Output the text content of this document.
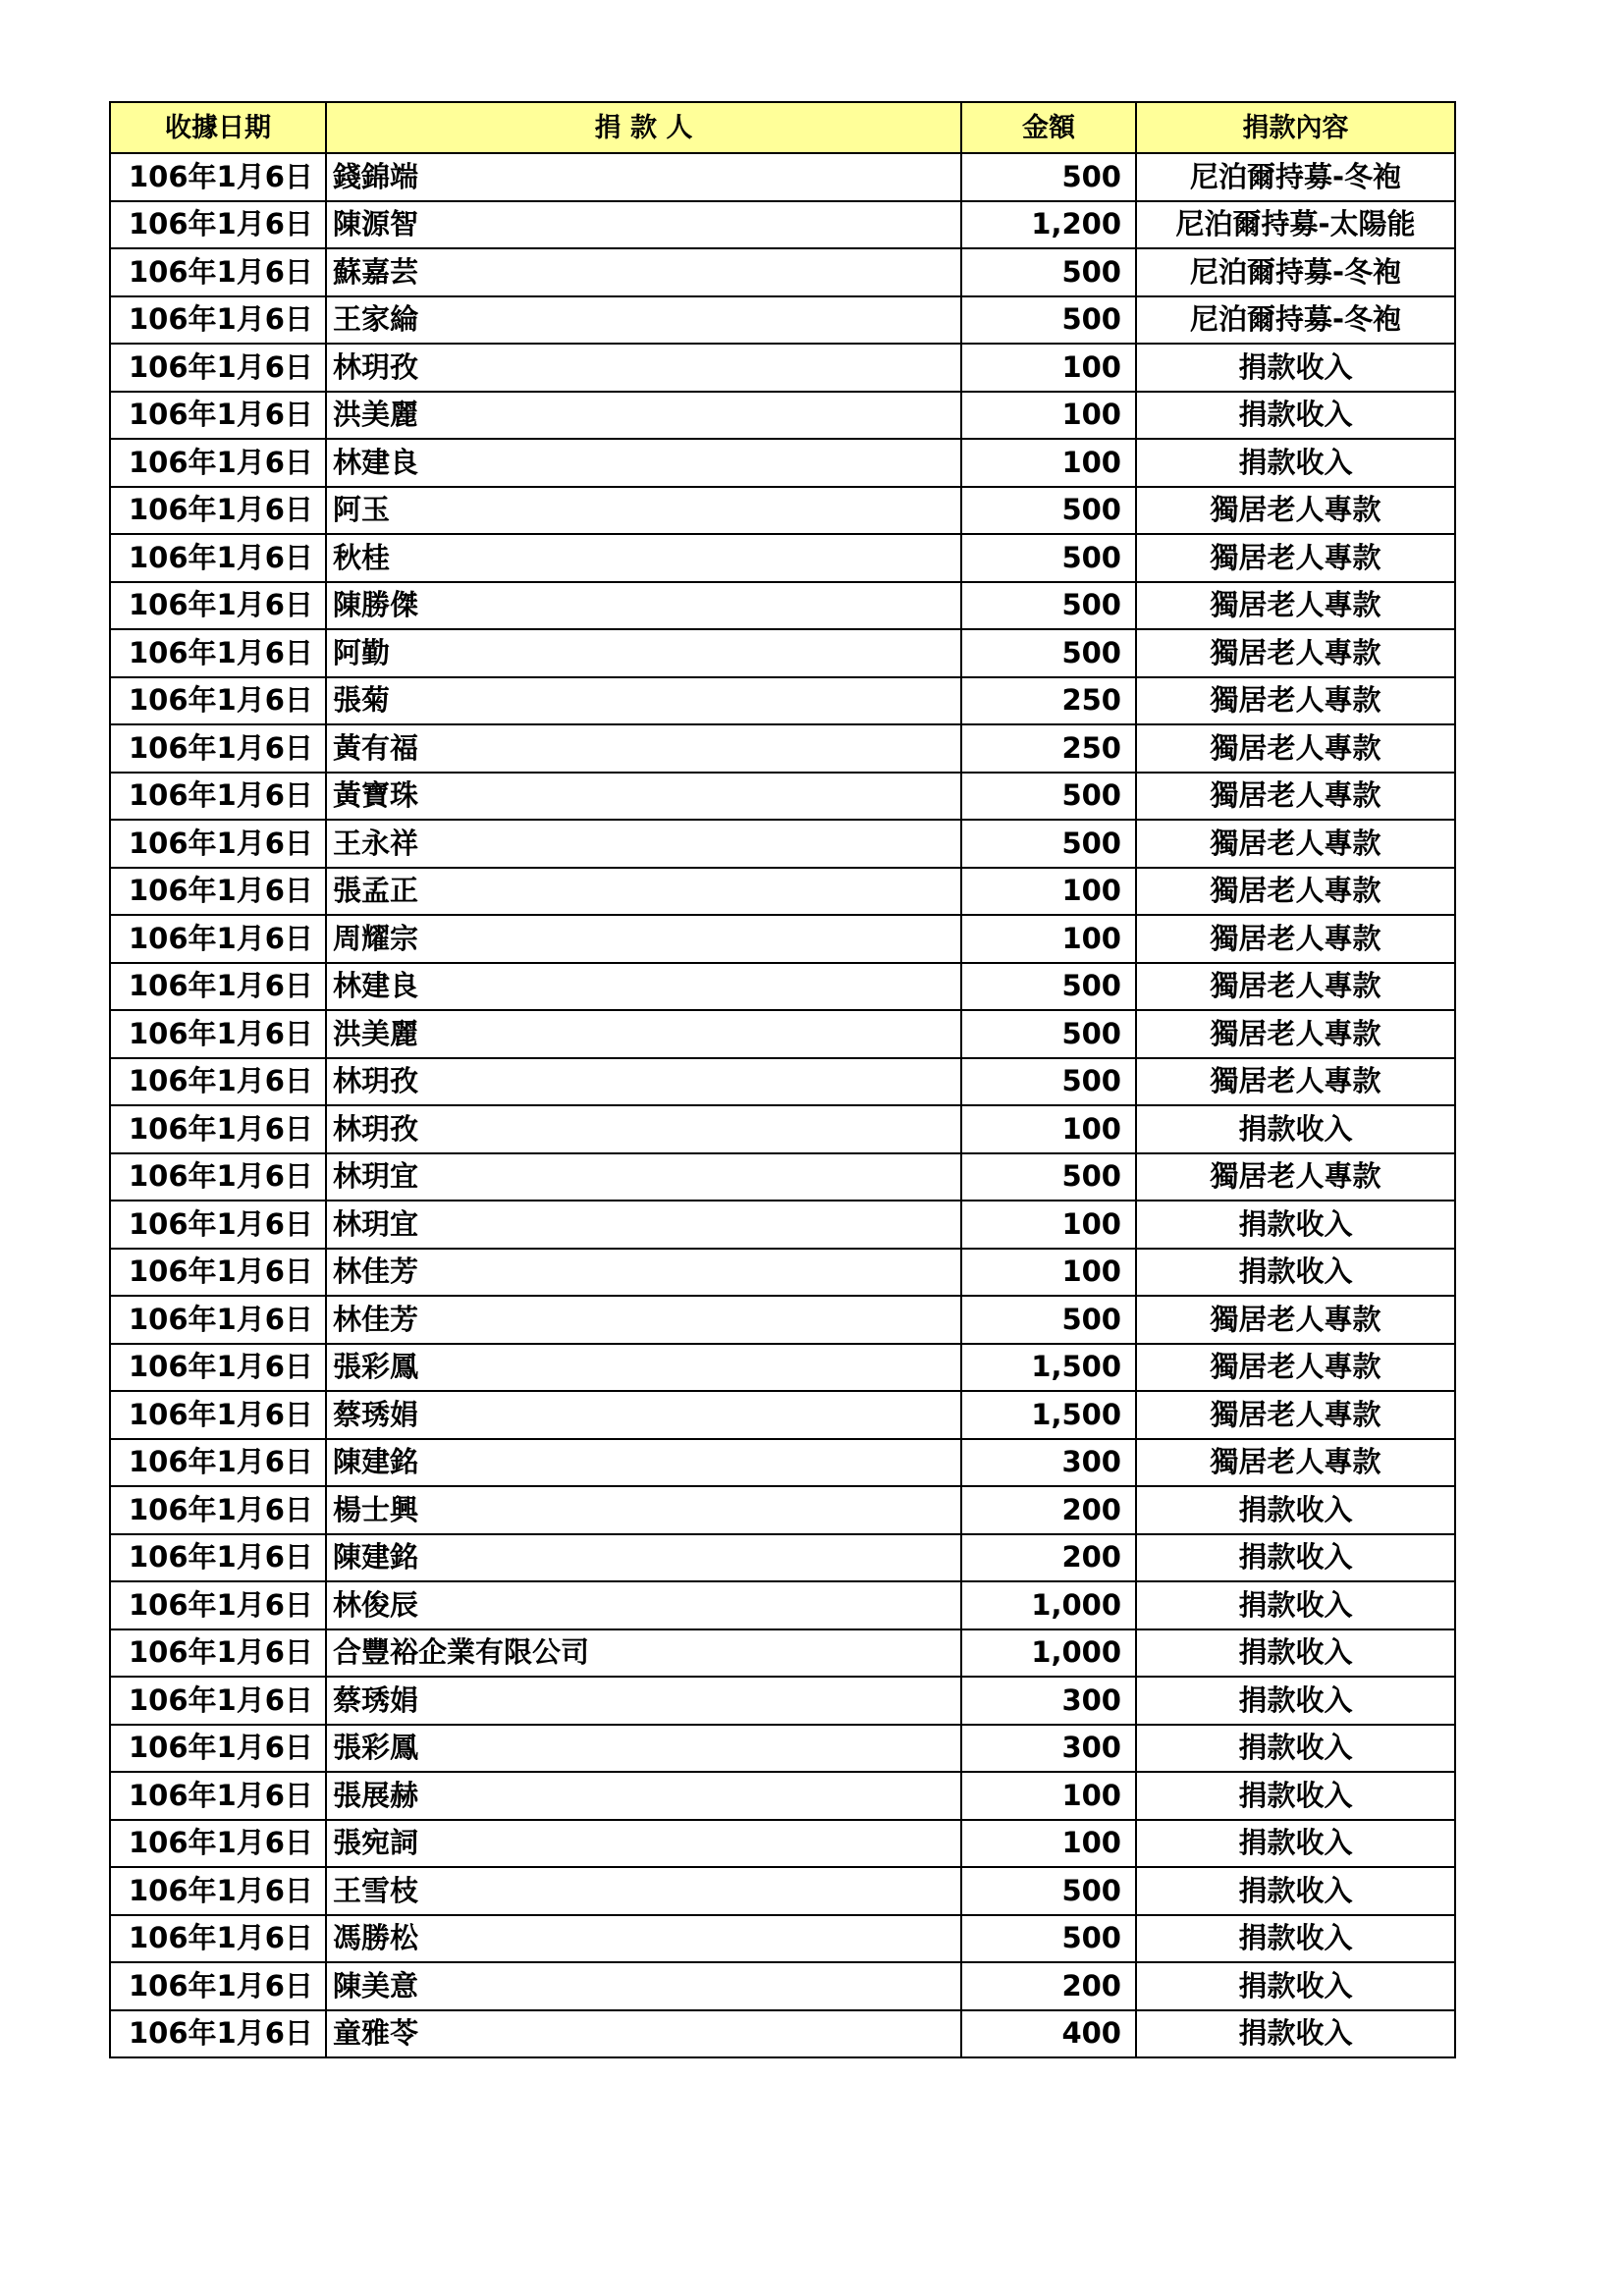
收據日期	捐 款 人	金額	捐款內容
106年1月6日	錢錦端	500	尼泊爾持募-冬袍
106年1月6日	陳源智	1,200	尼泊爾持募-太陽能
106年1月6日	蘇嘉芸	500	尼泊爾持募-冬袍
106年1月6日	王家綸	500	尼泊爾持募-冬袍
106年1月6日	林玥孜	100	捐款收入
106年1月6日	洪美麗	100	捐款收入
106年1月6日	林建良	100	捐款收入
106年1月6日	阿玉	500	獨居老人專款
106年1月6日	秋桂	500	獨居老人專款
106年1月6日	陳勝傑	500	獨居老人專款
106年1月6日	阿勤	500	獨居老人專款
106年1月6日	張菊	250	獨居老人專款
106年1月6日	黃有福	250	獨居老人專款
106年1月6日	黃寶珠	500	獨居老人專款
106年1月6日	王永祥	500	獨居老人專款
106年1月6日	張孟正	100	獨居老人專款
106年1月6日	周耀宗	100	獨居老人專款
106年1月6日	林建良	500	獨居老人專款
106年1月6日	洪美麗	500	獨居老人專款
106年1月6日	林玥孜	500	獨居老人專款
106年1月6日	林玥孜	100	捐款收入
106年1月6日	林玥宜	500	獨居老人專款
106年1月6日	林玥宜	100	捐款收入
106年1月6日	林佳芳	100	捐款收入
106年1月6日	林佳芳	500	獨居老人專款
106年1月6日	張彩鳳	1,500	獨居老人專款
106年1月6日	蔡琇娟	1,500	獨居老人專款
106年1月6日	陳建銘	300	獨居老人專款
106年1月6日	楊士興	200	捐款收入
106年1月6日	陳建銘	200	捐款收入
106年1月6日	林俊辰	1,000	捐款收入
106年1月6日	合豐裕企業有限公司	1,000	捐款收入
106年1月6日	蔡琇娟	300	捐款收入
106年1月6日	張彩鳳	300	捐款收入
106年1月6日	張展赫	100	捐款收入
106年1月6日	張宛詞	100	捐款收入
106年1月6日	王雪枝	500	捐款收入
106年1月6日	馮勝松	500	捐款收入
106年1月6日	陳美意	200	捐款收入
106年1月6日	童雅苓	400	捐款收入
